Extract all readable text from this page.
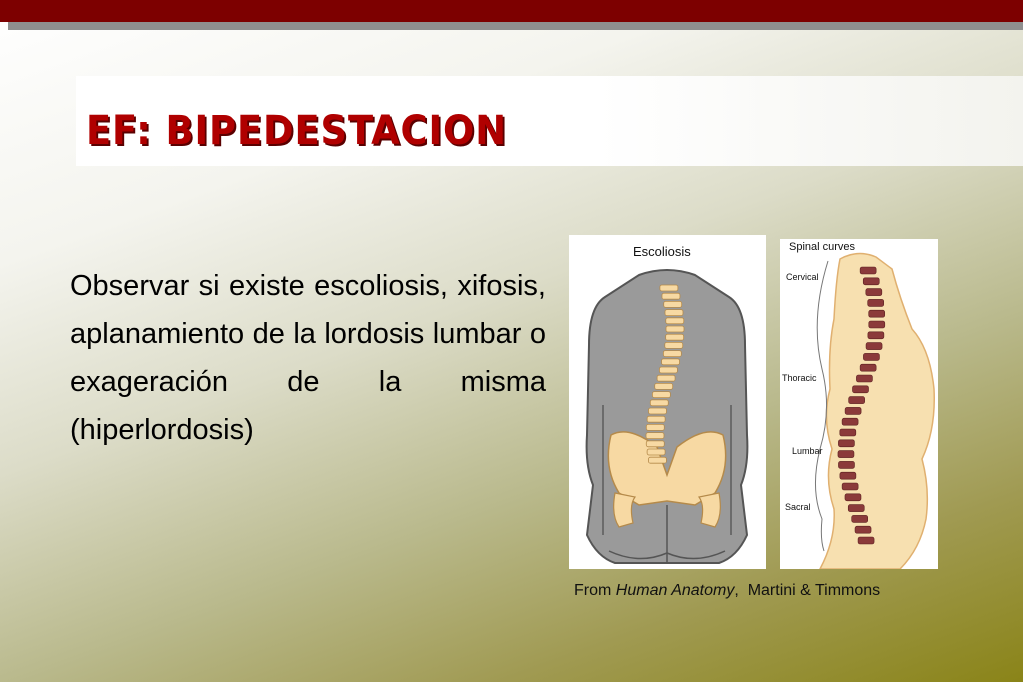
EF: BIPEDESTACION
Observar si existe escoliosis, xifosis, aplanamiento de la lordosis lumbar o exageración de la misma (hiperlordosis)
Escoliosis	Spinal curves
Cervical
Thoracic
Lumbar
Sacral
From Human Anatomy, Martini & Timmons
